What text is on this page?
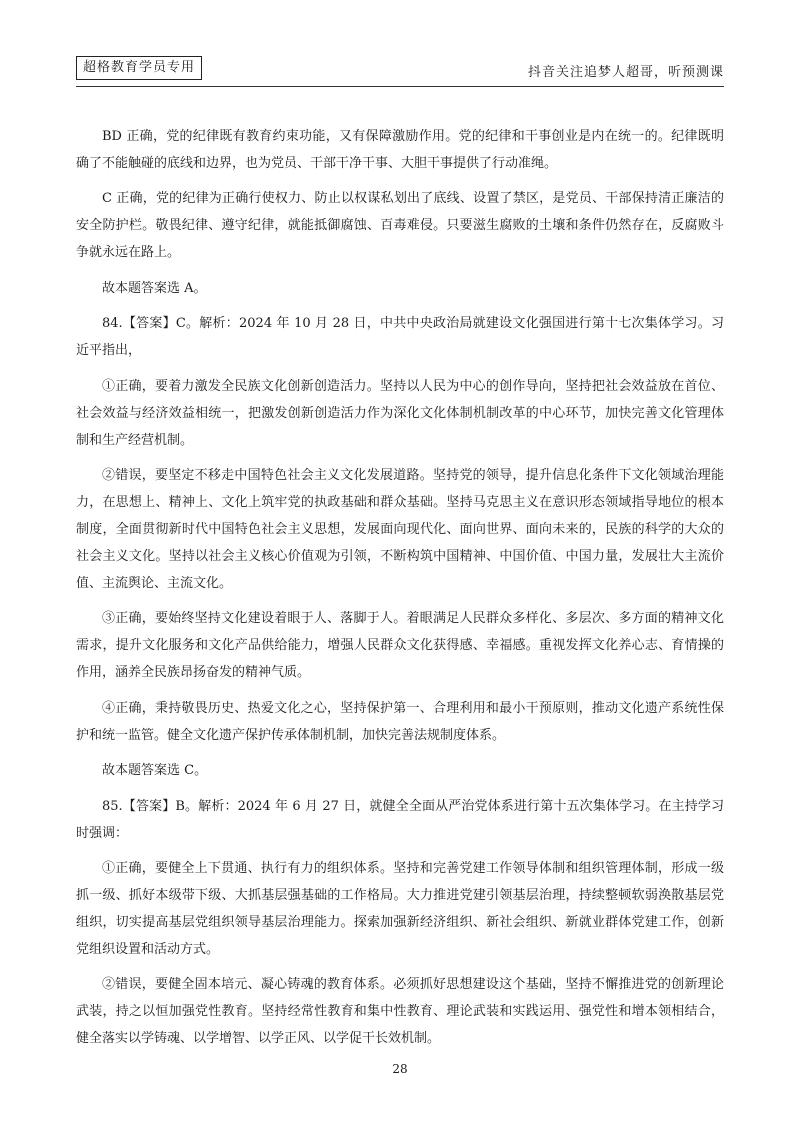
超格教育学员专用	抖音关注追梦人超哥，听预测课

BD 正确，党的纪律既有教育约束功能，又有保障激励作用。党的纪律和干事创业是内在统一的。纪律既明确了不能触碰的底线和边界，也为党员、干部干净干事、大胆干事提供了行动准绳。

C 正确，党的纪律为正确行使权力、防止以权谋私划出了底线、设置了禁区，是党员、干部保持清正廉洁的安全防护栏。敬畏纪律、遵守纪律，就能抵御腐蚀、百毒难侵。只要滋生腐败的土壤和条件仍然存在，反腐败斗争就永远在路上。

故本题答案选 A。

84.【答案】C。解析：2024 年 10 月 28 日，中共中央政治局就建设文化强国进行第十七次集体学习。习近平指出，

①正确，要着力激发全民族文化创新创造活力。坚持以人民为中心的创作导向，坚持把社会效益放在首位、社会效益与经济效益相统一，把激发创新创造活力作为深化文化体制机制改革的中心环节，加快完善文化管理体制和生产经营机制。

②错误，要坚定不移走中国特色社会主义文化发展道路。坚持党的领导，提升信息化条件下文化领域治理能力，在思想上、精神上、文化上筑牢党的执政基础和群众基础。坚持马克思主义在意识形态领域指导地位的根本制度，全面贯彻新时代中国特色社会主义思想，发展面向现代化、面向世界、面向未来的，民族的科学的大众的社会主义文化。坚持以社会主义核心价值观为引领，不断构筑中国精神、中国价值、中国力量，发展壮大主流价值、主流舆论、主流文化。

③正确，要始终坚持文化建设着眼于人、落脚于人。着眼满足人民群众多样化、多层次、多方面的精神文化需求，提升文化服务和文化产品供给能力，增强人民群众文化获得感、幸福感。重视发挥文化养心志、育情操的作用，涵养全民族昂扬奋发的精神气质。

④正确，秉持敬畏历史、热爱文化之心，坚持保护第一、合理利用和最小干预原则，推动文化遗产系统性保护和统一监管。健全文化遗产保护传承体制机制，加快完善法规制度体系。

故本题答案选 C。

85.【答案】B。解析：2024 年 6 月 27 日，就健全全面从严治党体系进行第十五次集体学习。在主持学习时强调：

①正确，要健全上下贯通、执行有力的组织体系。坚持和完善党建工作领导体制和组织管理体制，形成一级抓一级、抓好本级带下级、大抓基层强基础的工作格局。大力推进党建引领基层治理，持续整顿软弱涣散基层党组织，切实提高基层党组织领导基层治理能力。探索加强新经济组织、新社会组织、新就业群体党建工作，创新党组织设置和活动方式。

②错误，要健全固本培元、凝心铸魂的教育体系。必须抓好思想建设这个基础，坚持不懈推进党的创新理论武装，持之以恒加强党性教育。坚持经常性教育和集中性教育、理论武装和实践运用、强党性和增本领相结合，健全落实以学铸魂、以学增智、以学正风、以学促干长效机制。

28
